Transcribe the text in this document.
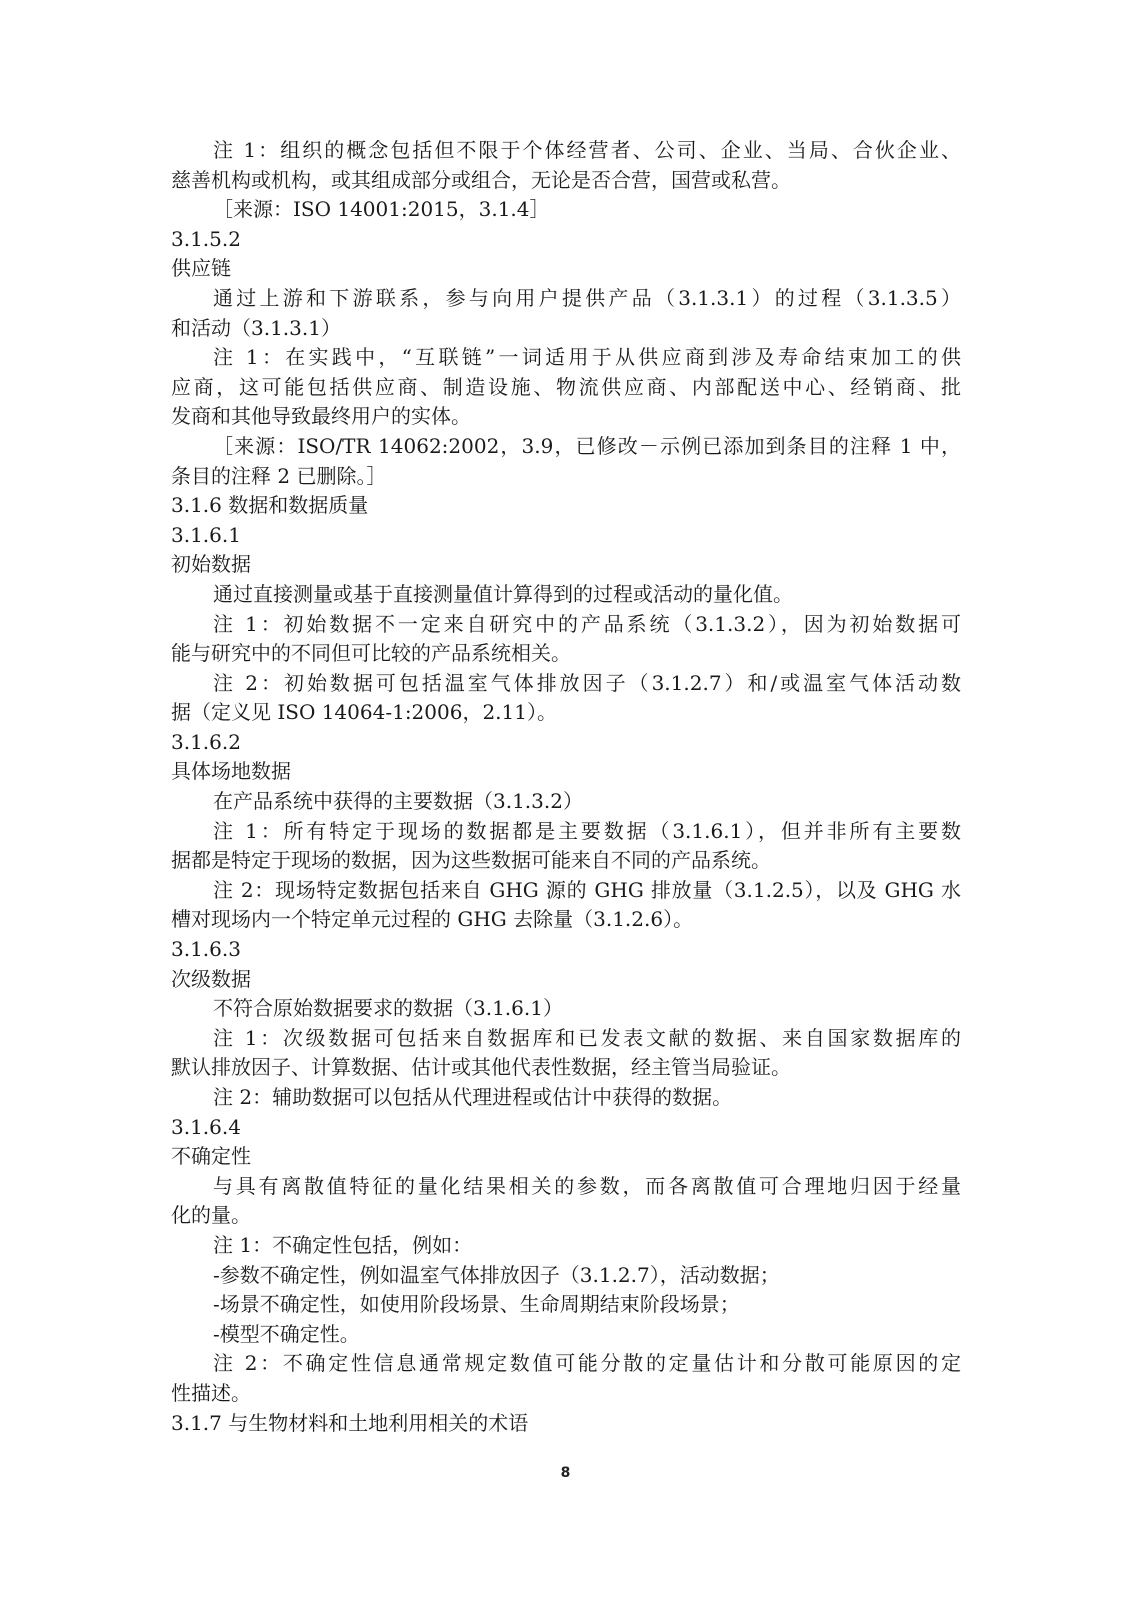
注 1：组织的概念包括但不限于个体经营者、公司、企业、当局、合伙企业、

慈善机构或机构，或其组成部分或组合，无论是否合营，国营或私营。

［来源：ISO 14001:2015，3.1.4］

3.1.5.2

供应链

通过上游和下游联系，参与向用户提供产品（3.1.3.1）的过程（3.1.3.5）

和活动（3.1.3.1）

注 1：在实践中，“互联链”一词适用于从供应商到涉及寿命结束加工的供

应商，这可能包括供应商、制造设施、物流供应商、内部配送中心、经销商、批

发商和其他导致最终用户的实体。

［来源：ISO/TR 14062:2002，3.9，已修改－示例已添加到条目的注释 1 中，

条目的注释 2 已删除。］

3.1.6 数据和数据质量

3.1.6.1

初始数据

通过直接测量或基于直接测量值计算得到的过程或活动的量化值。

注 1：初始数据不一定来自研究中的产品系统（3.1.3.2），因为初始数据可

能与研究中的不同但可比较的产品系统相关。

注 2：初始数据可包括温室气体排放因子（3.1.2.7）和/或温室气体活动数

据（定义见 ISO 14064-1:2006，2.11）。

3.1.6.2

具体场地数据

在产品系统中获得的主要数据（3.1.3.2）

注 1：所有特定于现场的数据都是主要数据（3.1.6.1），但并非所有主要数

据都是特定于现场的数据，因为这些数据可能来自不同的产品系统。

注 2：现场特定数据包括来自 GHG 源的 GHG 排放量（3.1.2.5），以及 GHG 水

槽对现场内一个特定单元过程的 GHG 去除量（3.1.2.6）。

3.1.6.3

次级数据

不符合原始数据要求的数据（3.1.6.1）

注 1：次级数据可包括来自数据库和已发表文献的数据、来自国家数据库的

默认排放因子、计算数据、估计或其他代表性数据，经主管当局验证。

注 2：辅助数据可以包括从代理进程或估计中获得的数据。

3.1.6.4

不确定性

与具有离散值特征的量化结果相关的参数，而各离散值可合理地归因于经量

化的量。

注 1：不确定性包括，例如：

-参数不确定性，例如温室气体排放因子（3.1.2.7），活动数据；

-场景不确定性，如使用阶段场景、生命周期结束阶段场景；

-模型不确定性。

注 2：不确定性信息通常规定数值可能分散的定量估计和分散可能原因的定

性描述。

3.1.7 与生物材料和土地利用相关的术语

8
